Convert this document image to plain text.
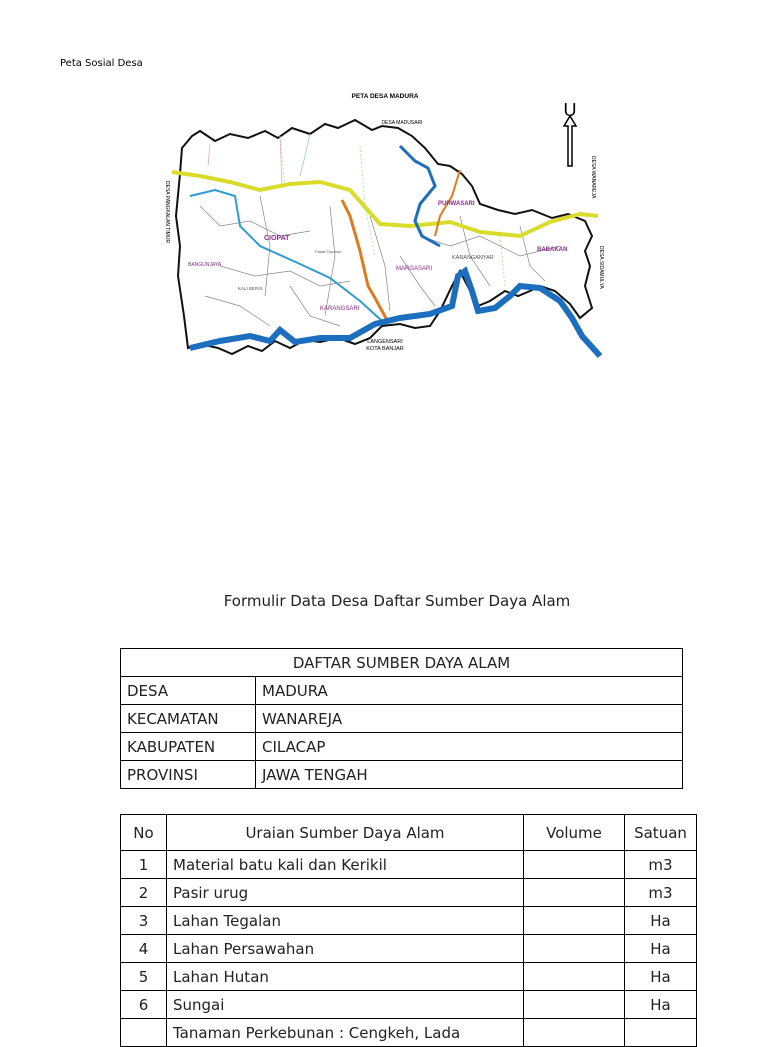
Peta Sosial Desa
PETA DESA MADURA
U
DESA MADUSARI
DESA PANGKALAN TIMUR
DESA WANAREJA
DESA SIDAMULYA
CIOPAT
PURWASARI
BABAKAN
BANGUNJAYA
MARGASARI
KARANGANYAR
KARANGSARI
KALI BERIS
Pasar Cisumur
LANGENSARI
KOTA BANJAR
Formulir Data Desa Daftar Sumber Daya Alam
DAFTAR SUMBER DAYA ALAM	
DESA	MADURA
KECAMATAN	WANAREJA
KABUPATEN	CILACAP
PROVINSI	JAWA TENGAH
No	Uraian Sumber Daya Alam	Volume	Satuan
1	Material batu kali dan Kerikil		m3
2	Pasir urug		m3
3	Lahan Tegalan		Ha
4	Lahan Persawahan		Ha
5	Lahan Hutan		Ha
6	Sungai		Ha
	Tanaman Perkebunan : Cengkeh, Lada		
